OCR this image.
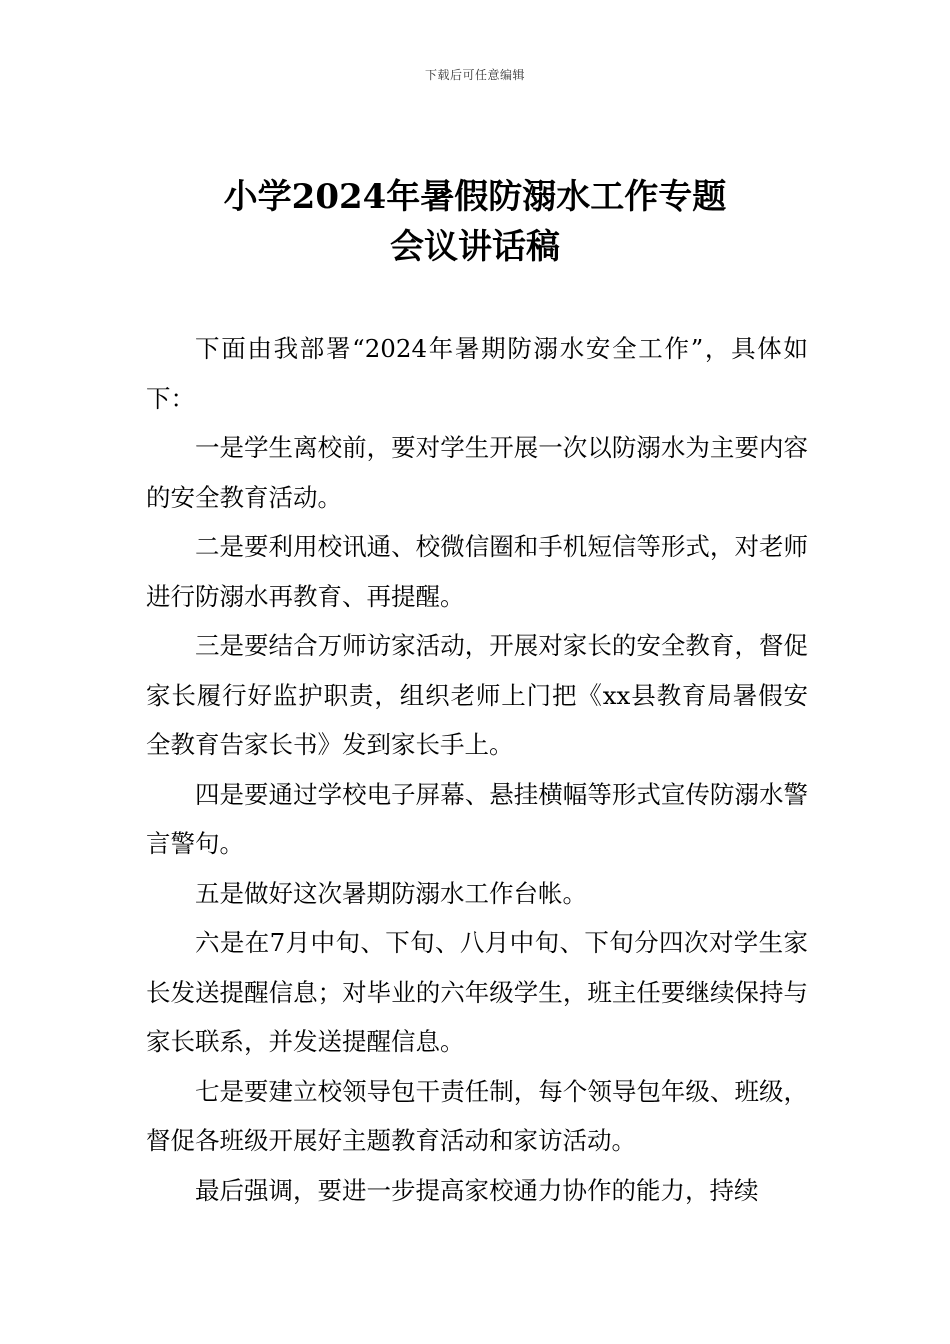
下载后可任意编辑
小学2024年暑假防溺水工作专题
会议讲话稿

下面由我部署“2024年暑期防溺水安全工作”，具体如下：

一是学生离校前，要对学生开展一次以防溺水为主要内容的安全教育活动。

二是要利用校讯通、校微信圈和手机短信等形式，对老师进行防溺水再教育、再提醒。

三是要结合万师访家活动，开展对家长的安全教育，督促家长履行好监护职责，组织老师上门把《xx县教育局暑假安全教育告家长书》发到家长手上。

四是要通过学校电子屏幕、悬挂横幅等形式宣传防溺水警言警句。

五是做好这次暑期防溺水工作台帐。

六是在7月中旬、下旬、八月中旬、下旬分四次对学生家长发送提醒信息；对毕业的六年级学生，班主任要继续保持与家长联系，并发送提醒信息。

七是要建立校领导包干责任制，每个领导包年级、班级，督促各班级开展好主题教育活动和家访活动。

最后强调，要进一步提高家校通力协作的能力，持续
